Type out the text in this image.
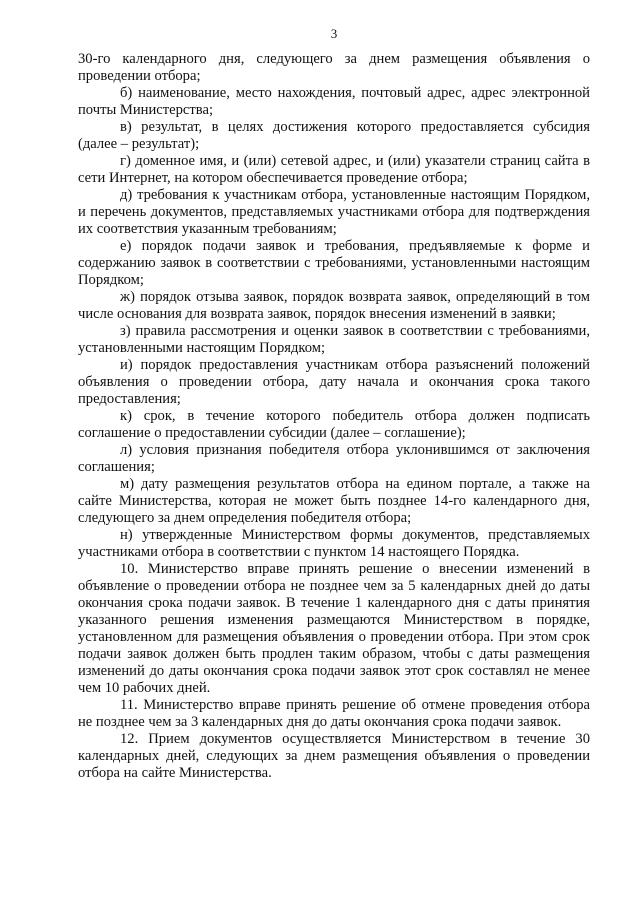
3

30-го календарного дня, следующего за днем размещения объявления о проведении отбора;

б) наименование, место нахождения, почтовый адрес, адрес электронной почты Министерства;

в) результат, в целях достижения которого предоставляется субсидия (далее – результат);

г) доменное имя, и (или) сетевой адрес, и (или) указатели страниц сайта в сети Интернет, на котором обеспечивается проведение отбора;

д) требования к участникам отбора, установленные настоящим Порядком, и перечень документов, представляемых участниками отбора для подтверждения их соответствия указанным требованиям;

е) порядок подачи заявок и требования, предъявляемые к форме и содержанию заявок в соответствии с требованиями, установленными настоящим Порядком;

ж) порядок отзыва заявок, порядок возврата заявок, определяющий в том числе основания для возврата заявок, порядок внесения изменений в заявки;

з) правила рассмотрения и оценки заявок в соответствии с требованиями, установленными настоящим Порядком;

и) порядок предоставления участникам отбора разъяснений положений объявления о проведении отбора, дату начала и окончания срока такого предоставления;

к) срок, в течение которого победитель отбора должен подписать соглашение о предоставлении субсидии (далее – соглашение);

л) условия признания победителя отбора уклонившимся от заключения соглашения;

м) дату размещения результатов отбора на едином портале, а также на сайте Министерства, которая не может быть позднее 14-го календарного дня, следующего за днем определения победителя отбора;

н) утвержденные Министерством формы документов, представляемых участниками отбора в соответствии с пунктом 14 настоящего Порядка.

10. Министерство вправе принять решение о внесении изменений в объявление о проведении отбора не позднее чем за 5 календарных дней до даты окончания срока подачи заявок. В течение 1 календарного дня с даты принятия указанного решения изменения размещаются Министерством в порядке, установленном для размещения объявления о проведении отбора. При этом срок подачи заявок должен быть продлен таким образом, чтобы с даты размещения изменений до даты окончания срока подачи заявок этот срок составлял не менее чем 10 рабочих дней.

11. Министерство вправе принять решение об отмене проведения отбора не позднее чем за 3 календарных дня до даты окончания срока подачи заявок.

12. Прием документов осуществляется Министерством в течение 30 календарных дней, следующих за днем размещения объявления о проведении отбора на сайте Министерства.
